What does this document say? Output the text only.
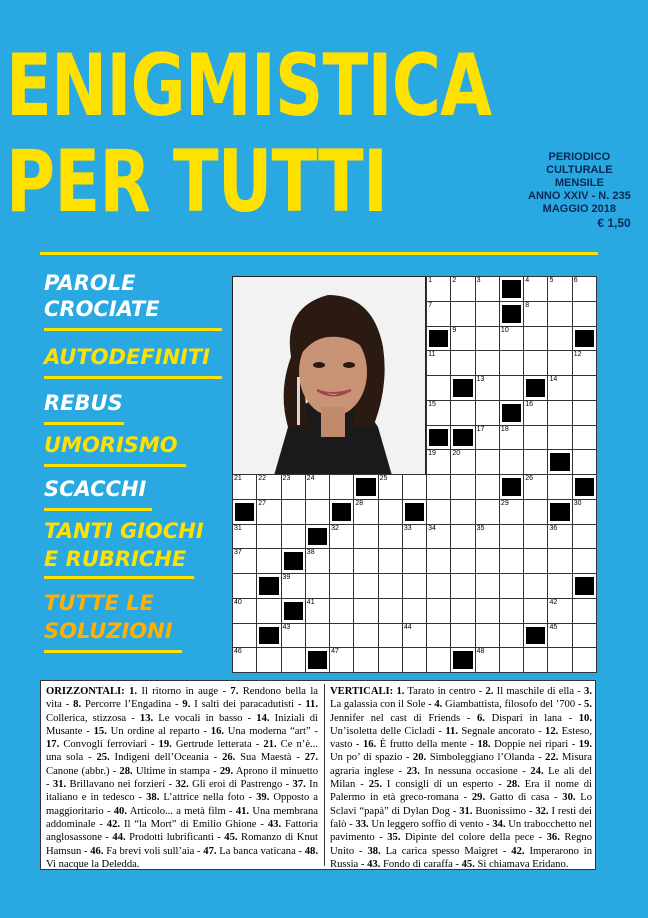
ENIGMISTICA
PER TUTTI	PERIODICO
CULTURALE
MENSILE
ANNO XXIV - N. 235
MAGGIO 2018
€ 1,50
PAROLE
CROCIATE
AUTODEFINITI
REBUS
UMORISMO
SCACCHI
TANTI GIOCHI
E RUBRICHE
TUTTE LE
SOLUZIONI
1	2	3	4	5	6
7	8
9	10
11	12
13	14
15	16
17 18
19 20
21 22 23 24	25	26
27	28	29	30
31	32	33 34	35	36
37	38
39
40	41	42
43	44	45
46	47	48
ORIZZONTALI: 1. Il ritorno in auge - 7. Rendono bella la vita - 8. Percorre l’Engadina - 9. I salti dei paracadutisti - 11. Collerica, stizzosa - 13. Le vocali in basso - 14. Iniziali di Musante - 15. Un ordine al reparto - 16. Una moderna “art” - 17. Convogli ferroviari - 19. Gertrude letterata - 21. Ce n’è... una sola - 25. Indigeni dell’Oceania - 26. Sua Maestà - 27. Canone (abbr.) - 28. Ultime in stampa - 29. Aprono il minuetto - 31. Brillavano nei forzieri - 32. Gli eroi di Pastrengo - 37. In italiano e in tedesco - 38. L’attrice nella foto - 39. Opposto a maggioritario - 40. Articolo... a metà film - 41. Una membrana addominale - 42. Il “la Mort” di Emilio Ghione - 43. Fattoria anglosassone - 44. Prodotti lubrificanti - 45. Romanzo di Knut Hamsun - 46. Fa brevi voli sull’aia - 47. La banca vaticana - 48. Vi nacque la Deledda.
VERTICALI: 1. Tarato in centro - 2. Il maschile di ella - 3. La galassia con il Sole - 4. Giambattista, filosofo del ’700 - 5. Jennifer nel cast di Friends - 6. Dispari in lana - 10. Un’isoletta delle Cicladi - 11. Segnale ancorato - 12. Esteso, vasto - 16. È frutto della mente - 18. Doppie nei ripari - 19. Un po’ di spazio - 20. Simboleggiano l’Olanda - 22. Misura agraria inglese - 23. In nessuna occasione - 24. Le ali del Milan - 25. I consigli di un esperto - 28. Era il nome di Palermo in età greco-romana - 29. Gatto di casa - 30. Lo Sclavi “papà” di Dylan Dog - 31. Buonissimo - 32. I resti dei falò - 33. Un leggero soffio di vento - 34. Un trabocchetto nel pavimento - 35. Dipinte del colore della pece - 36. Regno Unito - 38. La carica spesso Maigret - 42. Imperarono in Russia - 43. Fondo di caraffa - 45. Si chiamava Eridano.
